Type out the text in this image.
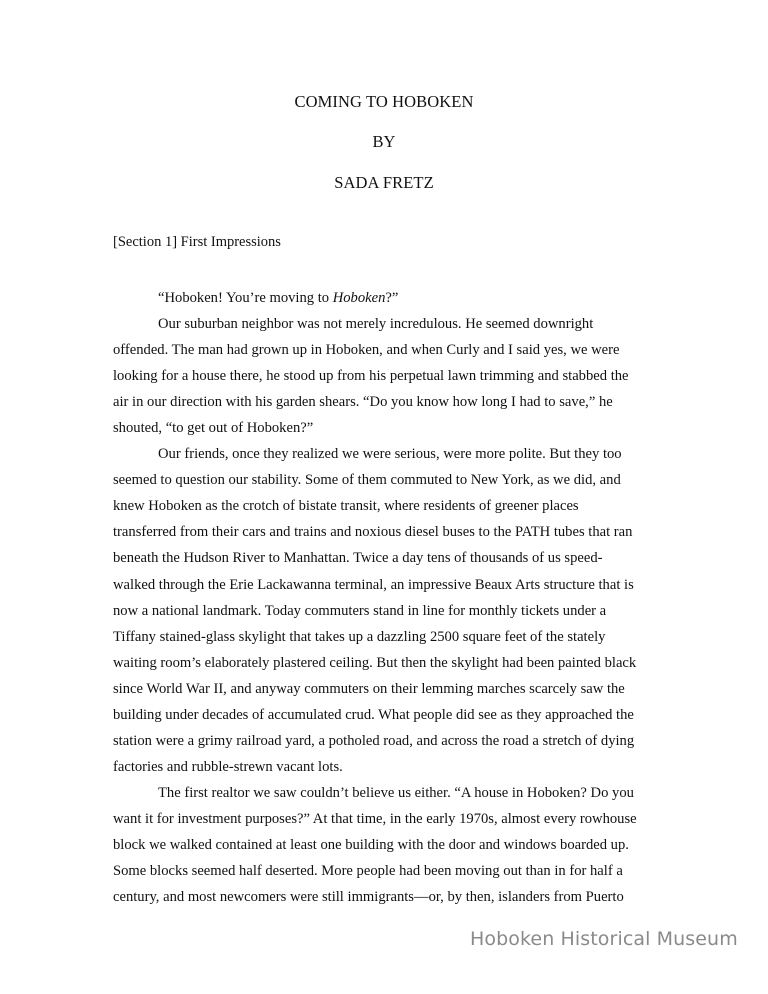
COMING TO HOBOKEN
BY
SADA FRETZ
[Section 1] First Impressions
“Hoboken! You’re moving to Hoboken?”
Our suburban neighbor was not merely incredulous. He seemed downright
offended. The man had grown up in Hoboken, and when Curly and I said yes, we were
looking for a house there, he stood up from his perpetual lawn trimming and stabbed the
air in our direction with his garden shears. “Do you know how long I had to save,” he
shouted, “to get out of Hoboken?”
Our friends, once they realized we were serious, were more polite. But they too
seemed to question our stability. Some of them commuted to New York, as we did, and
knew Hoboken as the crotch of bistate transit, where residents of greener places
transferred from their cars and trains and noxious diesel buses to the PATH tubes that ran
beneath the Hudson River to Manhattan. Twice a day tens of thousands of us speed-
walked through the Erie Lackawanna terminal, an impressive Beaux Arts structure that is
now a national landmark. Today commuters stand in line for monthly tickets under a
Tiffany stained-glass skylight that takes up a dazzling 2500 square feet of the stately
waiting room’s elaborately plastered ceiling. But then the skylight had been painted black
since World War II, and anyway commuters on their lemming marches scarcely saw the
building under decades of accumulated crud. What people did see as they approached the
station were a grimy railroad yard, a potholed road, and across the road a stretch of dying
factories and rubble-strewn vacant lots.
The first realtor we saw couldn’t believe us either. “A house in Hoboken? Do you
want it for investment purposes?” At that time, in the early 1970s, almost every rowhouse
block we walked contained at least one building with the door and windows boarded up.
Some blocks seemed half deserted. More people had been moving out than in for half a
century, and most newcomers were still immigrants—or, by then, islanders from Puerto
Hoboken Historical Museum
